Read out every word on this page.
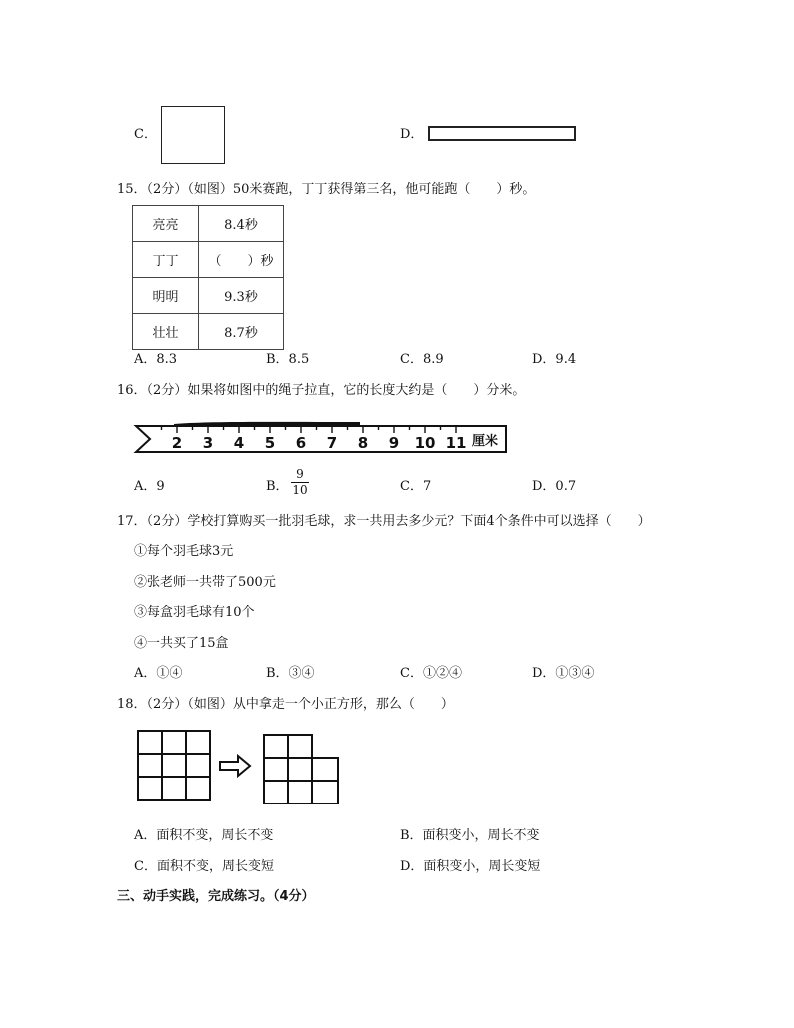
C．	D．
15．（2分）（如图）50米赛跑，丁丁获得第三名，他可能跑（　　）秒。
亮亮	8.4秒
丁丁	（　　）秒
明明	9.3秒
壮壮	8.7秒
A．8.3	B．8.5	C．8.9	D．9.4
16．（2分）如果将如图中的绳子拉直，它的长度大约是（　　）分米。
2 3 4 5 6 7 8 9 10 11 厘米
A．9	B．
9
10	C．7	D．0.7
17．（2分）学校打算购买一批羽毛球，求一共用去多少元？下面4个条件中可以选择（　　）
①每个羽毛球3元
②张老师一共带了500元
③每盒羽毛球有10个
④一共买了15盒
A．①④	B．③④	C．①②④	D．①③④
18．（2分）（如图）从中拿走一个小正方形，那么（　　）
A．面积不变，周长不变	B．面积变小，周长不变
C．面积不变，周长变短	D．面积变小，周长变短
三、动手实践，完成练习。（4分）
